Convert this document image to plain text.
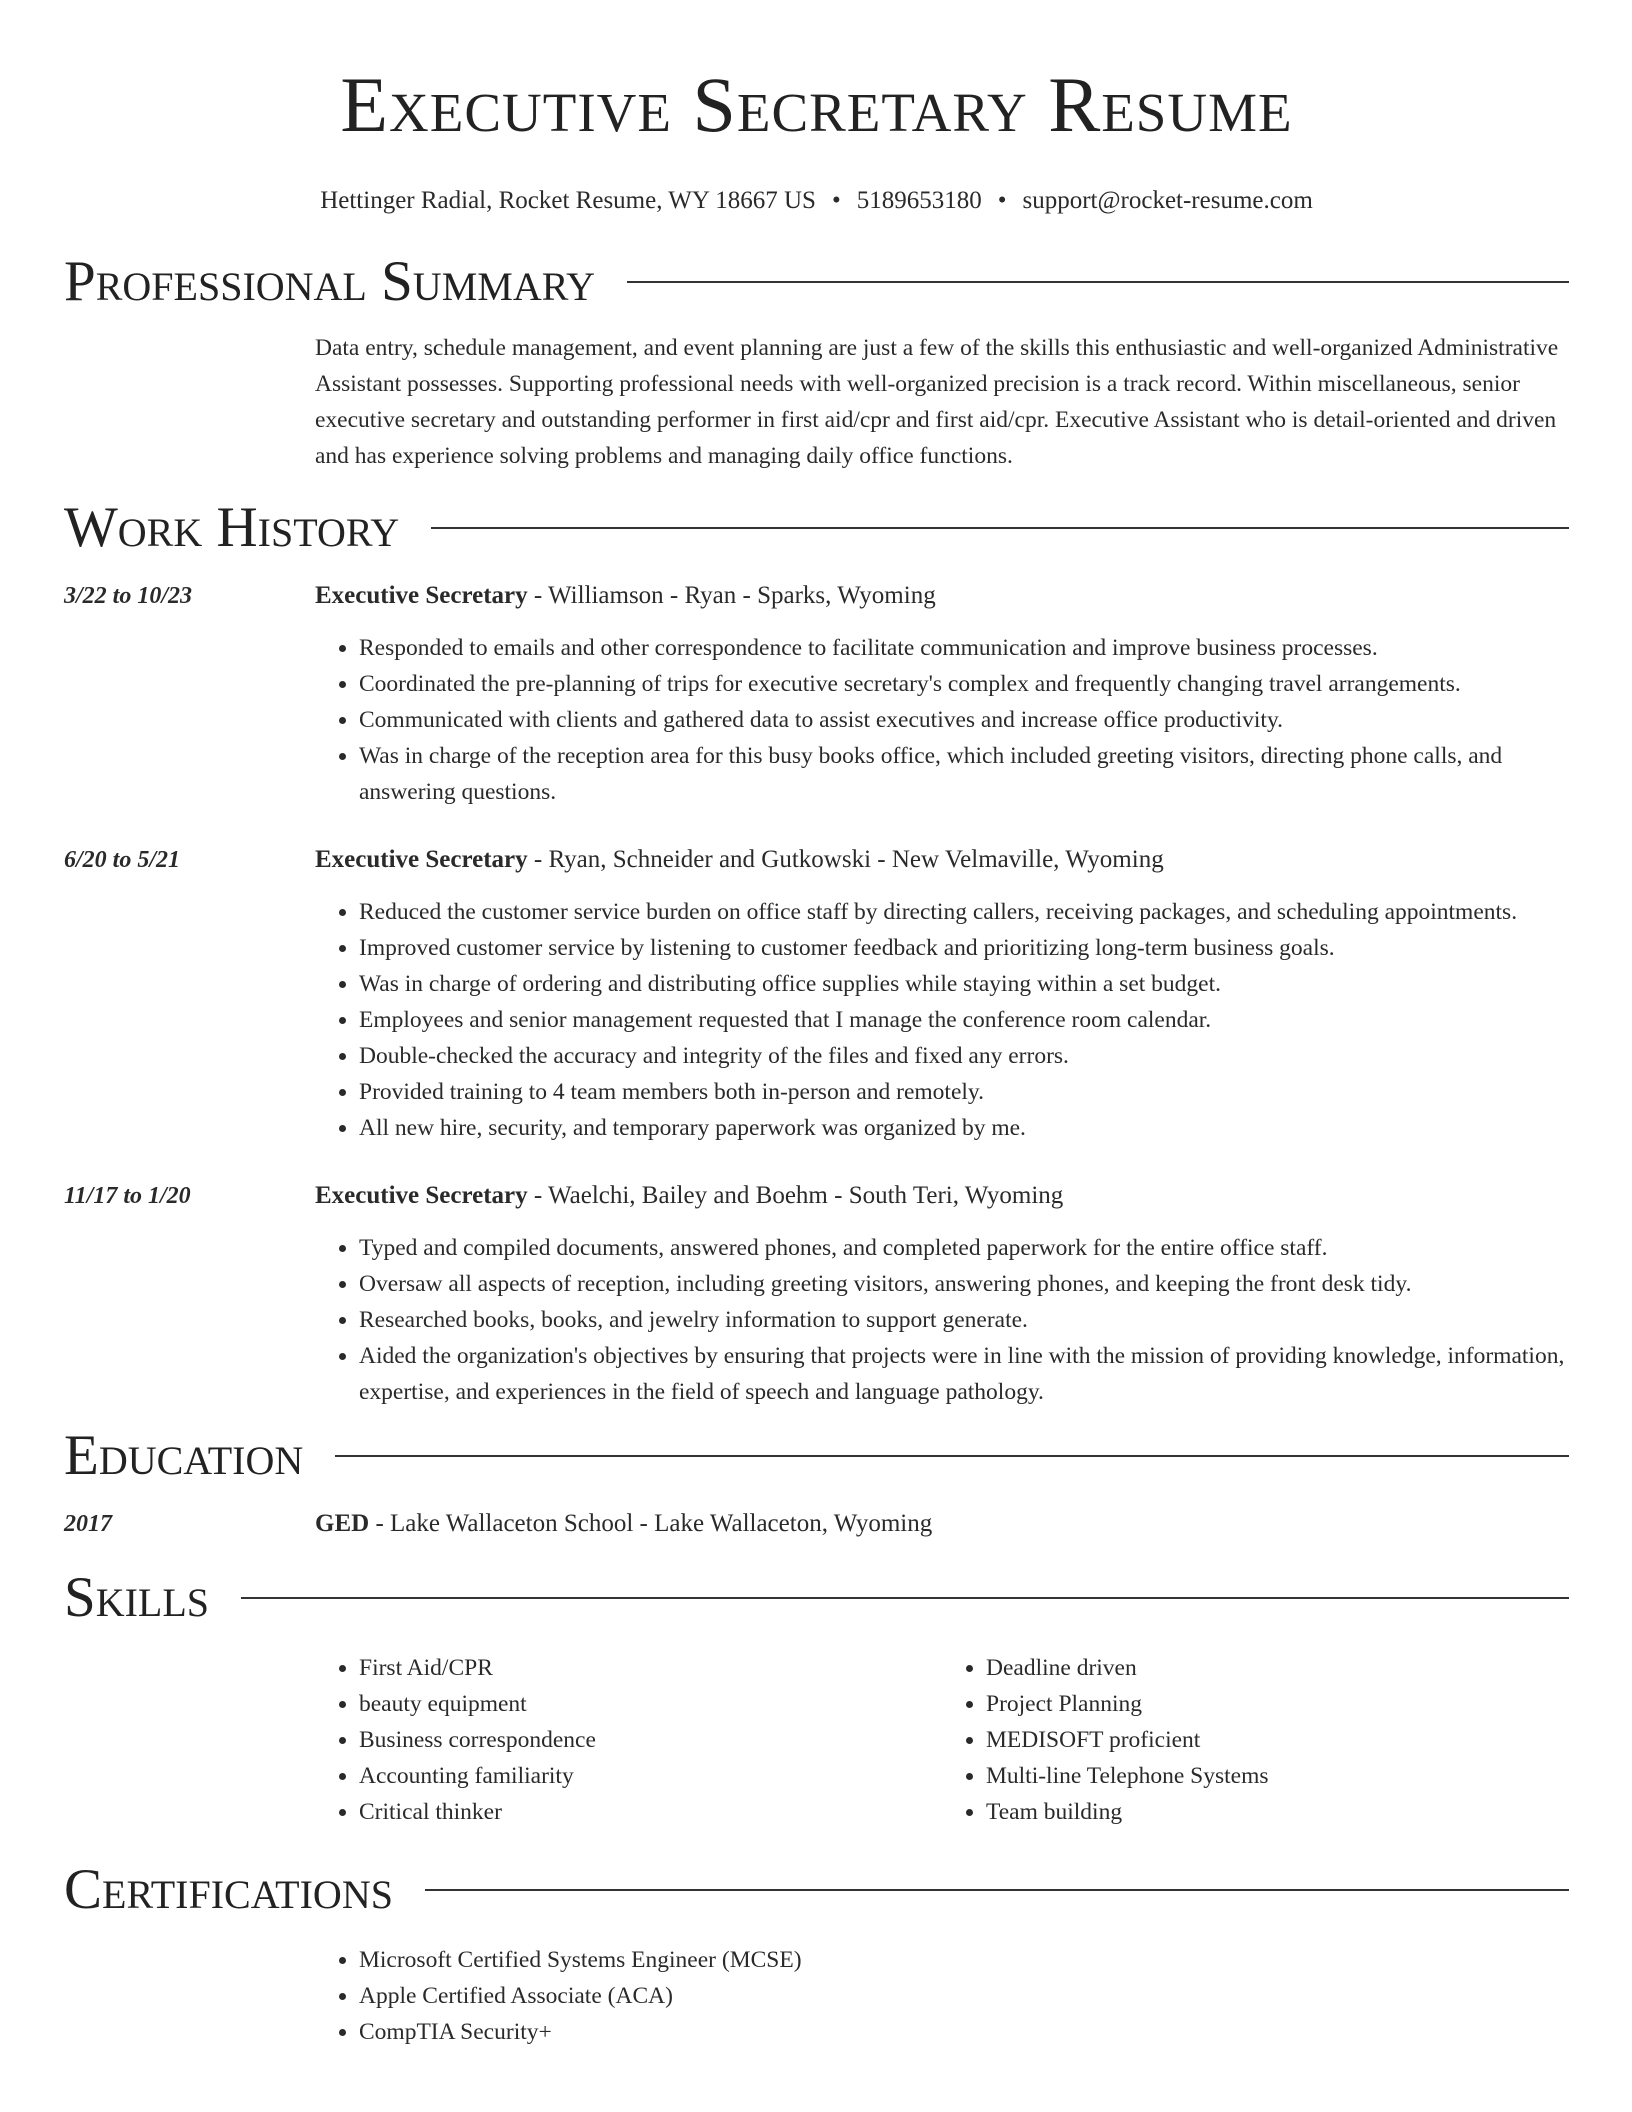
Executive Secretary Resume
Hettinger Radial, Rocket Resume, WY 18667 US • 5189653180 • support@rocket-resume.com
Professional Summary
Data entry, schedule management, and event planning are just a few of the skills this enthusiastic and well-organized Administrative Assistant possesses. Supporting professional needs with well-organized precision is a track record. Within miscellaneous, senior executive secretary and outstanding performer in first aid/cpr and first aid/cpr. Executive Assistant who is detail-oriented and driven and has experience solving problems and managing daily office functions.
Work History
3/22 to 10/23	Executive Secretary - Williamson - Ryan - Sparks, Wyoming
• Responded to emails and other correspondence to facilitate communication and improve business processes.
• Coordinated the pre-planning of trips for executive secretary's complex and frequently changing travel arrangements.
• Communicated with clients and gathered data to assist executives and increase office productivity.
• Was in charge of the reception area for this busy books office, which included greeting visitors, directing phone calls, and answering questions.
6/20 to 5/21	Executive Secretary - Ryan, Schneider and Gutkowski - New Velmaville, Wyoming
• Reduced the customer service burden on office staff by directing callers, receiving packages, and scheduling appointments.
• Improved customer service by listening to customer feedback and prioritizing long-term business goals.
• Was in charge of ordering and distributing office supplies while staying within a set budget.
• Employees and senior management requested that I manage the conference room calendar.
• Double-checked the accuracy and integrity of the files and fixed any errors.
• Provided training to 4 team members both in-person and remotely.
• All new hire, security, and temporary paperwork was organized by me.
11/17 to 1/20	Executive Secretary - Waelchi, Bailey and Boehm - South Teri, Wyoming
• Typed and compiled documents, answered phones, and completed paperwork for the entire office staff.
• Oversaw all aspects of reception, including greeting visitors, answering phones, and keeping the front desk tidy.
• Researched books, books, and jewelry information to support generate.
• Aided the organization's objectives by ensuring that projects were in line with the mission of providing knowledge, information, expertise, and experiences in the field of speech and language pathology.
Education
2017	GED - Lake Wallaceton School - Lake Wallaceton, Wyoming
Skills
• First Aid/CPR
• beauty equipment
• Business correspondence
• Accounting familiarity
• Critical thinker
• Deadline driven
• Project Planning
• MEDISOFT proficient
• Multi-line Telephone Systems
• Team building
Certifications
• Microsoft Certified Systems Engineer (MCSE)
• Apple Certified Associate (ACA)
• CompTIA Security+
